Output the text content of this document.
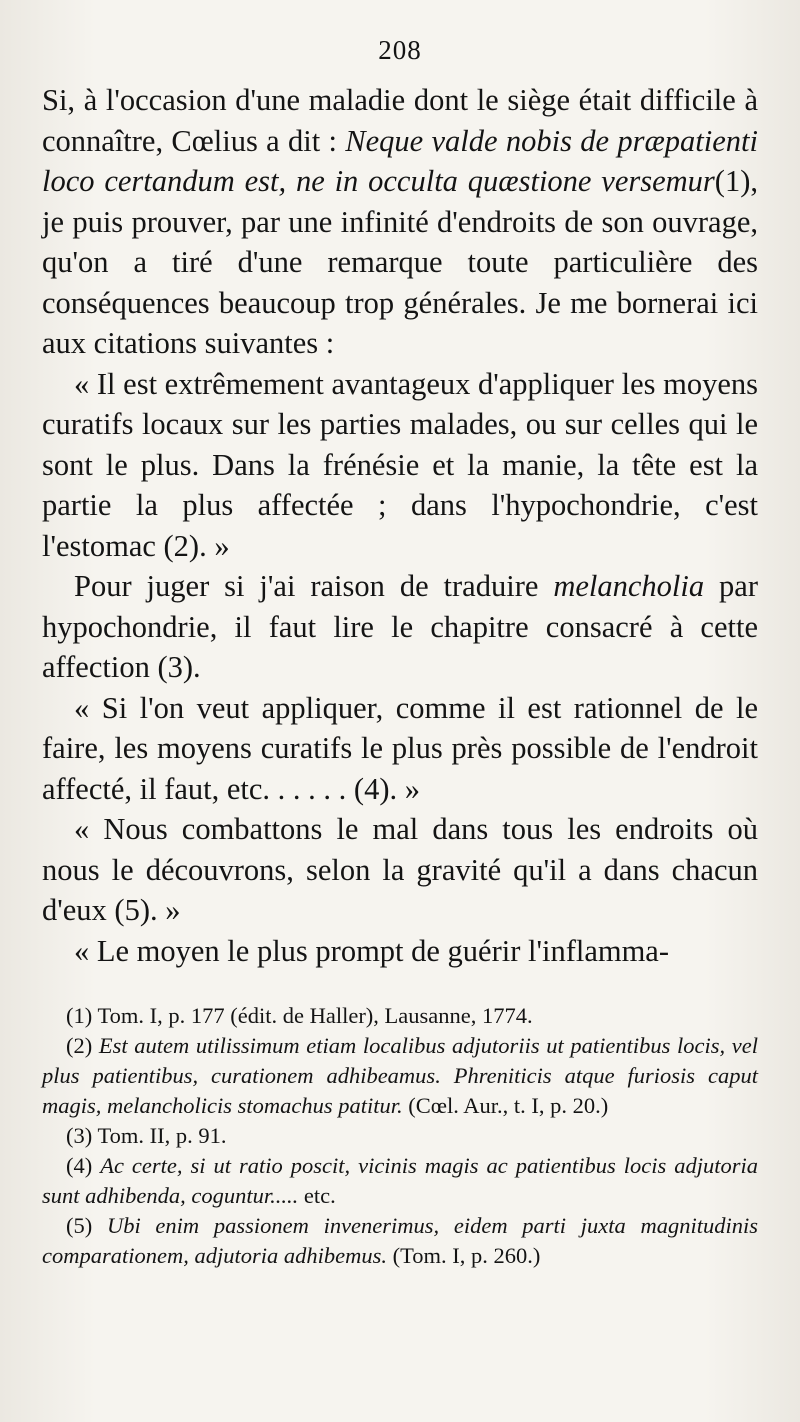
208

Si, à l'occasion d'une maladie dont le siège était difficile à connaître, Cœlius a dit : Neque valde nobis de præpatienti loco certandum est, ne in occulta quæstione versemur(1), je puis prouver, par une infinité d'endroits de son ouvrage, qu'on a tiré d'une remarque toute particulière des conséquences beaucoup trop générales. Je me bornerai ici aux citations suivantes :

« Il est extrêmement avantageux d'appliquer les moyens curatifs locaux sur les parties malades, ou sur celles qui le sont le plus. Dans la frénésie et la manie, la tête est la partie la plus affectée ; dans l'hypochondrie, c'est l'estomac (2). »

Pour juger si j'ai raison de traduire melancholia par hypochondrie, il faut lire le chapitre consacré à cette affection (3).

« Si l'on veut appliquer, comme il est rationnel de le faire, les moyens curatifs le plus près possible de l'endroit affecté, il faut, etc. . . . . . (4). »

« Nous combattons le mal dans tous les endroits où nous le découvrons, selon la gravité qu'il a dans chacun d'eux (5). »

« Le moyen le plus prompt de guérir l'inflamma-

(1) Tom. I, p. 177 (édit. de Haller), Lausanne, 1774.

(2) Est autem utilissimum etiam localibus adjutoriis ut patientibus locis, vel plus patientibus, curationem adhibeamus. Phreniticis atque furiosis caput magis, melancholicis stomachus patitur. (Cœl. Aur., t. I, p. 20.)

(3) Tom. II, p. 91.

(4) Ac certe, si ut ratio poscit, vicinis magis ac patientibus locis adjutoria sunt adhibenda, coguntur..... etc.

(5) Ubi enim passionem invenerimus, eidem parti juxta magnitudinis comparationem, adjutoria adhibemus. (Tom. I, p. 260.)
